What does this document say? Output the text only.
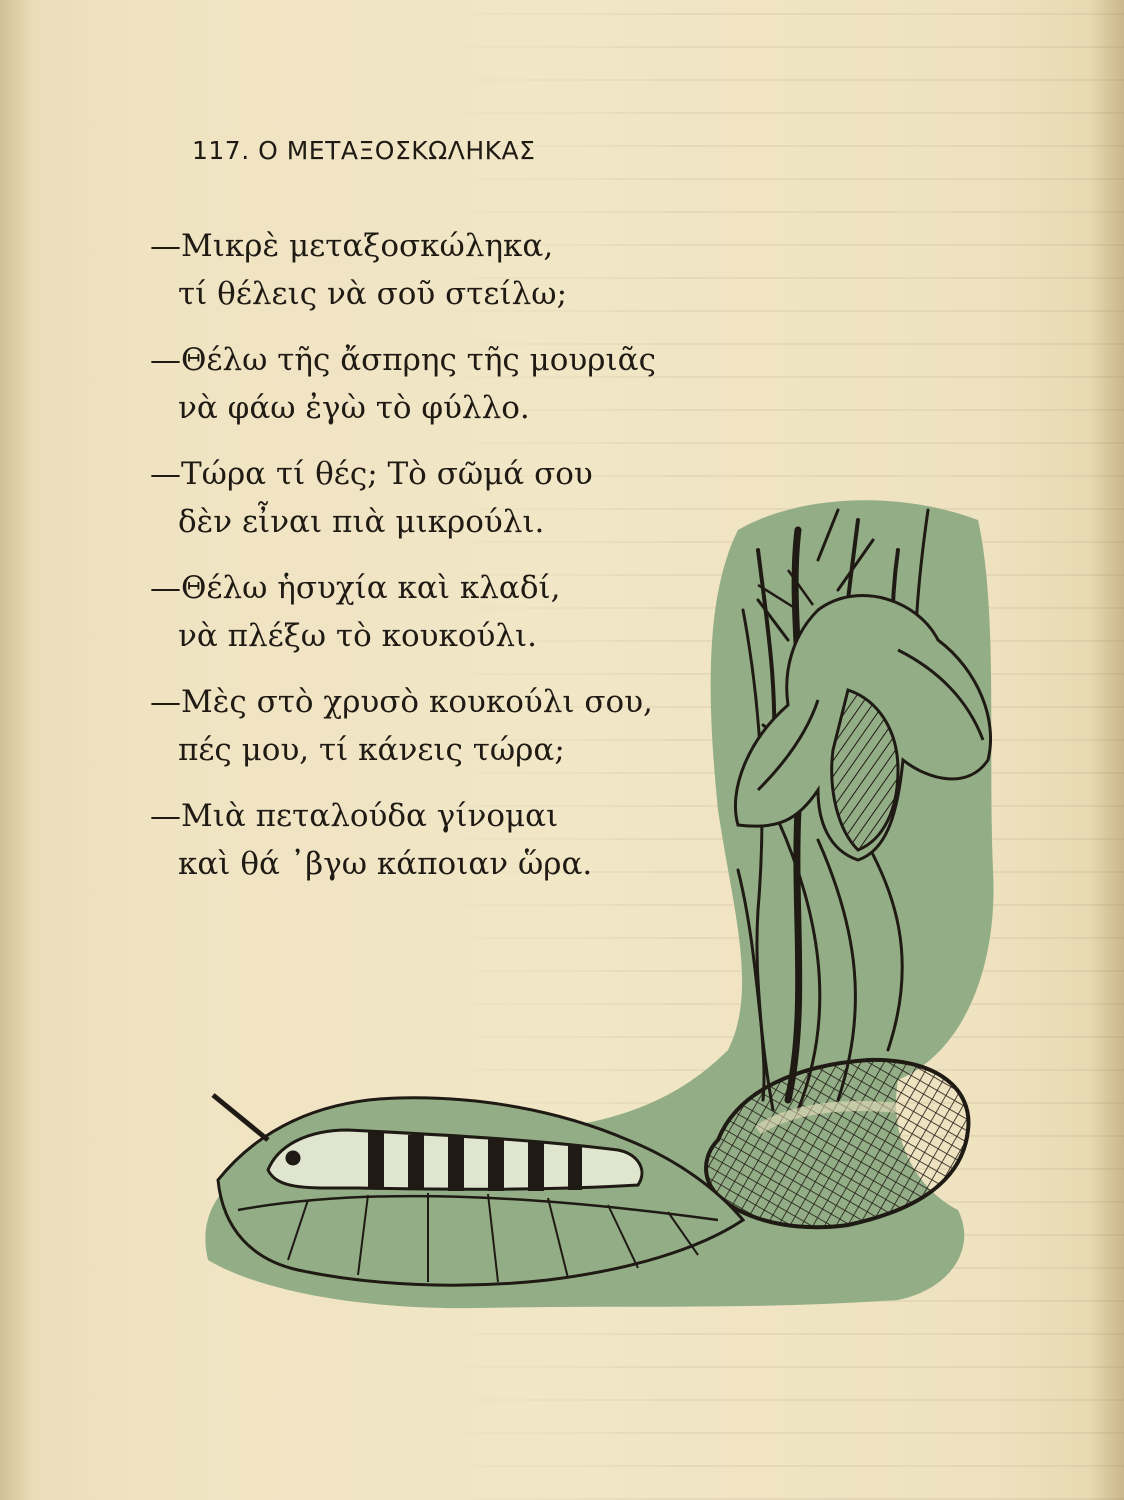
117. Ο ΜΕΤΑΞΟΣΚΩΛΗΚΑΣ
—Μικρὲ μεταξοσκώληκα,
τί θέλεις νὰ σοῦ στείλω;
—Θέλω τῆς ἄσπρης τῆς μουριᾶς
νὰ φάω ἐγὼ τὸ φύλλο.
—Τώρα τί θές; Τὸ σῶμά σου
δὲν εἶναι πιὰ μικρούλι.
—Θέλω ἡσυχία καὶ κλαδί,
νὰ πλέξω τὸ κουκούλι.
—Μὲς στὸ χρυσὸ κουκούλι σου,
πές μου, τί κάνεις τώρα;
—Μιὰ πεταλούδα γίνομαι
καὶ θά ᾽βγω κάποιαν ὥρα.
